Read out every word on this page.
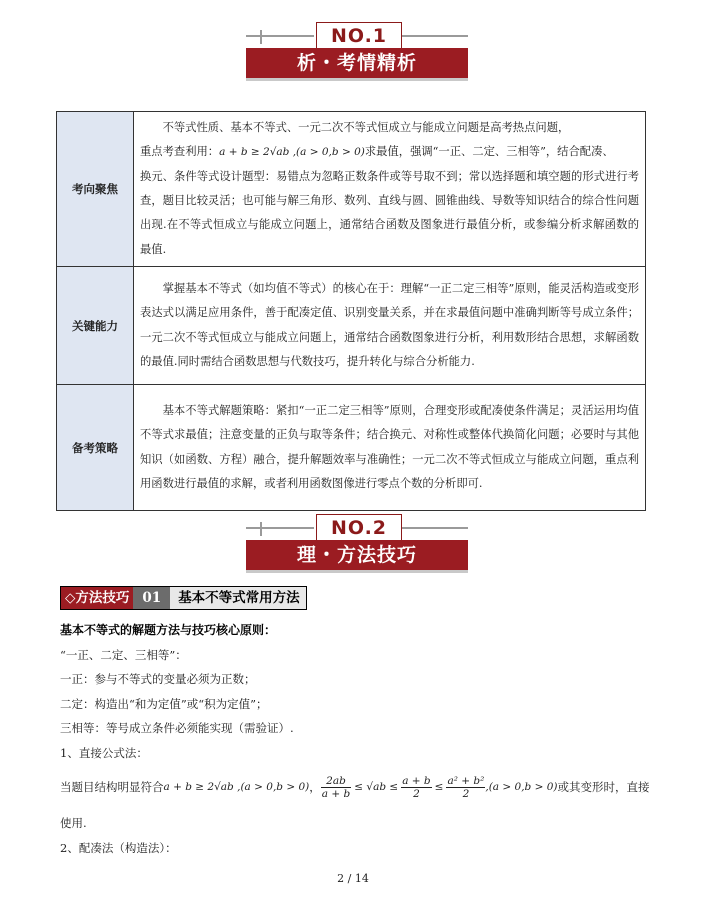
NO.1
析・考情精析
考向聚焦	不等式性质、基本不等式、一元二次不等式恒成立与能成立问题是高考热点问题，
重点考查利用：a + b ≥ 2√ab ,(a > 0,b > 0)求最值，强调“一正、二定、三相等”，结合配凑、
换元、条件等式设计题型：易错点为忽略正数条件或等号取不到；常以选择题和填空题的形式进行考查，题目比较灵活；也可能与解三角形、数列、直线与圆、圆锥曲线、导数等知识结合的综合性问题出现.在不等式恒成立与能成立问题上，通常结合函数及图象进行最值分析，或参编分析求解函数的最值.

关键能力	掌握基本不等式（如均值不等式）的核心在于：理解“一正二定三相等”原则，能灵活构造或变形表达式以满足应用条件，善于配凑定值、识别变量关系，并在求最值问题中准确判断等号成立条件；一元二次不等式恒成立与能成立问题上，通常结合函数图象进行分析，利用数形结合思想，求解函数的最值.同时需结合函数思想与代数技巧，提升转化与综合分析能力.

备考策略	基本不等式解题策略：紧扣“一正二定三相等”原则，合理变形或配凑使条件满足；灵活运用均值不等式求最值；注意变量的正负与取等条件；结合换元、对称性或整体代换简化问题；必要时与其他知识（如函数、方程）融合，提升解题效率与准确性；一元二次不等式恒成立与能成立问题，重点利用函数进行最值的求解，或者利用函数图像进行零点个数的分析即可.
NO.2
理・方法技巧
◇方法技巧 01	基本不等式常用方法
基本不等式的解题方法与技巧核心原则：
“一正、二定、三相等”：
一正：参与不等式的变量必须为正数；
二定：构造出“和为定值”或“积为定值”；
三相等：等号成立条件必须能实现（需验证）.
1、直接公式法：
当题目结构明显符合 a + b ≥ 2√ab ,(a > 0,b > 0) ， $\frac{2ab}{a + b} \le √ab \le \frac{a + b}{2} \le \frac{\text{a² + b²}}{2} ,(a > 0,b > 0)$ 或其变形时，直接
使用.
2、配凑法（构造法）：
2 / 14
